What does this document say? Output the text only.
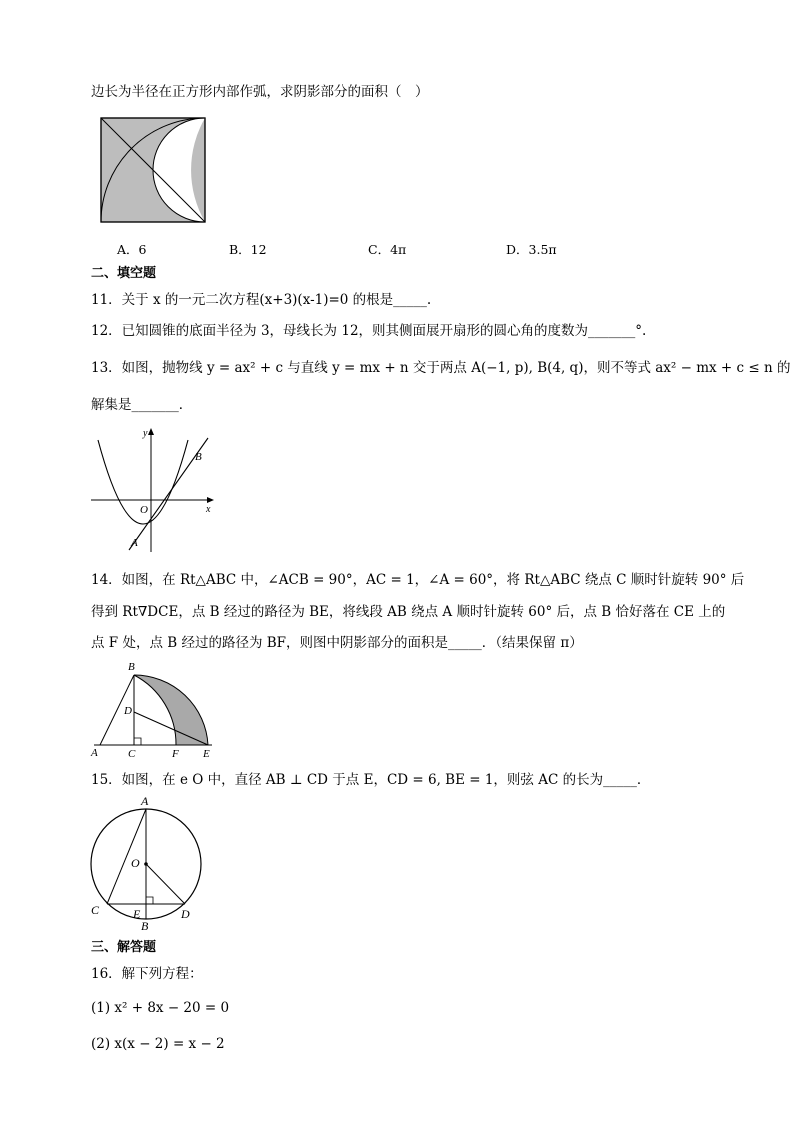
边长为半径在正方形内部作弧，求阴影部分的面积（　）
A．6	B．12	C．4π	D．3.5π
二、填空题
11．关于 x 的一元二次方程(x+3)(x-1)=0 的根是_____.
12．已知圆锥的底面半径为 3，母线长为 12，则其侧面展开扇形的圆心角的度数为_______°.
13．如图，抛物线 y = ax² + c 与直线 y = mx + n 交于两点 A(−1, p), B(4, q)，则不等式 ax² − mx + c ≤ n 的
解集是_______．
y
x
O
A
B
14．如图，在 Rt△ABC 中，∠ACB = 90°，AC = 1，∠A = 60°，将 Rt△ABC 绕点 C 顺时针旋转 90° 后
得到 Rt∇DCE，点 B 经过的路径为 BE，将线段 AB 绕点 A 顺时针旋转 60° 后，点 B 恰好落在 CE 上的
点 F 处，点 B 经过的路径为 BF，则图中阴影部分的面积是_____．（结果保留 π）
B
D
A	C	F E
15．如图，在 e O 中，直径 AB ⊥ CD 于点 E，CD = 6, BE = 1，则弦 AC 的长为_____．
A
O
C	E	D
B
三、解答题
16．解下列方程：
(1) x² + 8x − 20 = 0
(2) x(x − 2) = x − 2
